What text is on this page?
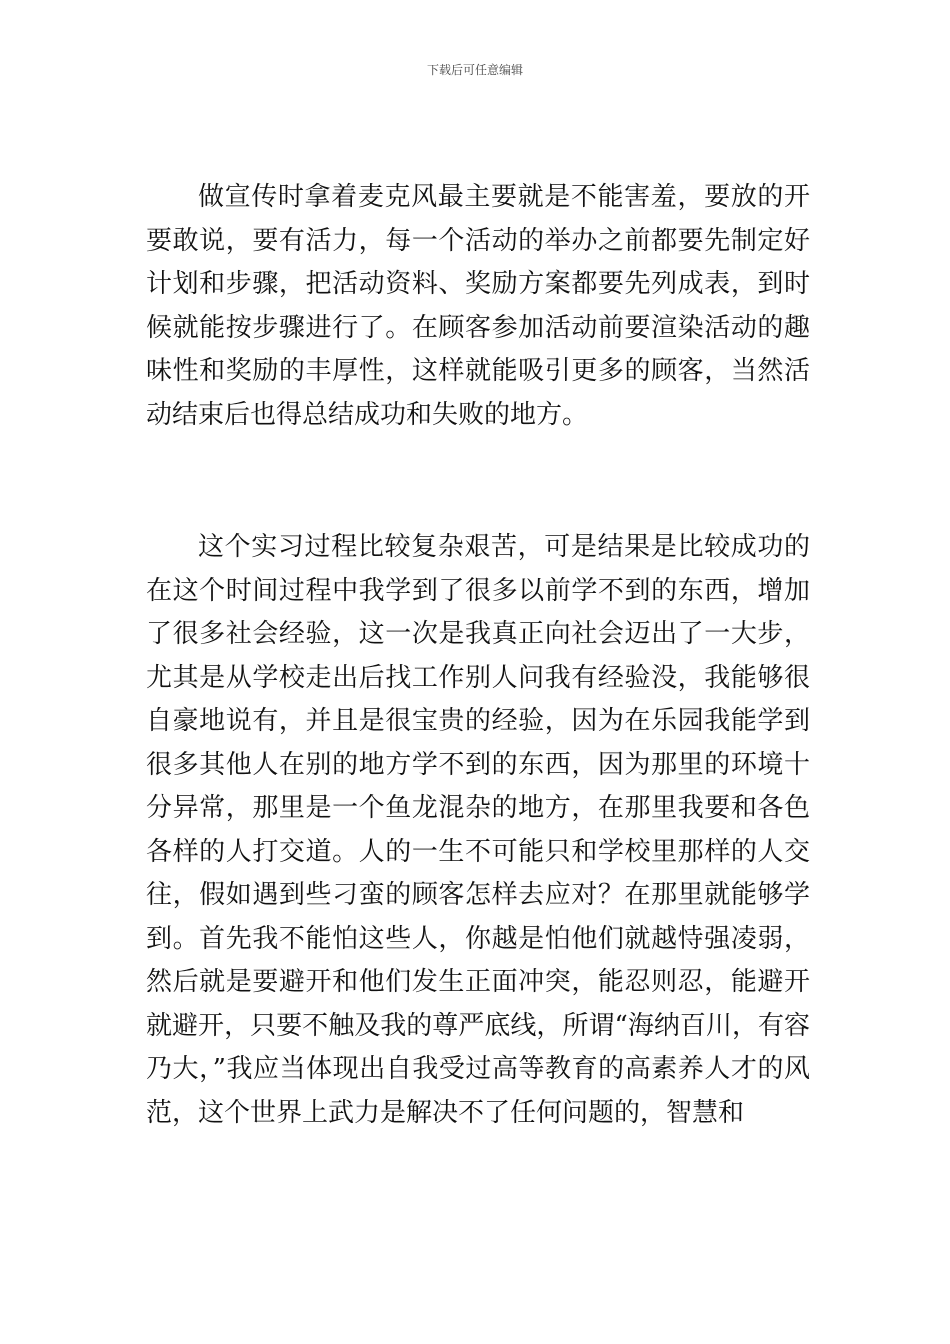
下载后可任意编辑

做宣传时拿着麦克风最主要就是不能害羞，要放的开要敢说，要有活力，每一个活动的举办之前都要先制定好计划和步骤，把活动资料、奖励方案都要先列成表，到时候就能按步骤进行了。在顾客参加活动前要渲染活动的趣味性和奖励的丰厚性，这样就能吸引更多的顾客，当然活动结束后也得总结成功和失败的地方。

这个实习过程比较复杂艰苦，可是结果是比较成功的在这个时间过程中我学到了很多以前学不到的东西，增加了很多社会经验，这一次是我真正向社会迈出了一大步，尤其是从学校走出后找工作别人问我有经验没，我能够很自豪地说有，并且是很宝贵的经验，因为在乐园我能学到很多其他人在别的地方学不到的东西，因为那里的环境十分异常，那里是一个鱼龙混杂的地方，在那里我要和各色各样的人打交道。人的一生不可能只和学校里那样的人交往，假如遇到些刁蛮的顾客怎样去应对？在那里就能够学到。首先我不能怕这些人，你越是怕他们就越恃强凌弱，然后就是要避开和他们发生正面冲突，能忍则忍，能避开就避开，只要不触及我的尊严底线，所谓“海纳百川，有容乃大，”我应当体现出自我受过高等教育的高素养人才的风范，这个世界上武力是解决不了任何问题的，智慧和
